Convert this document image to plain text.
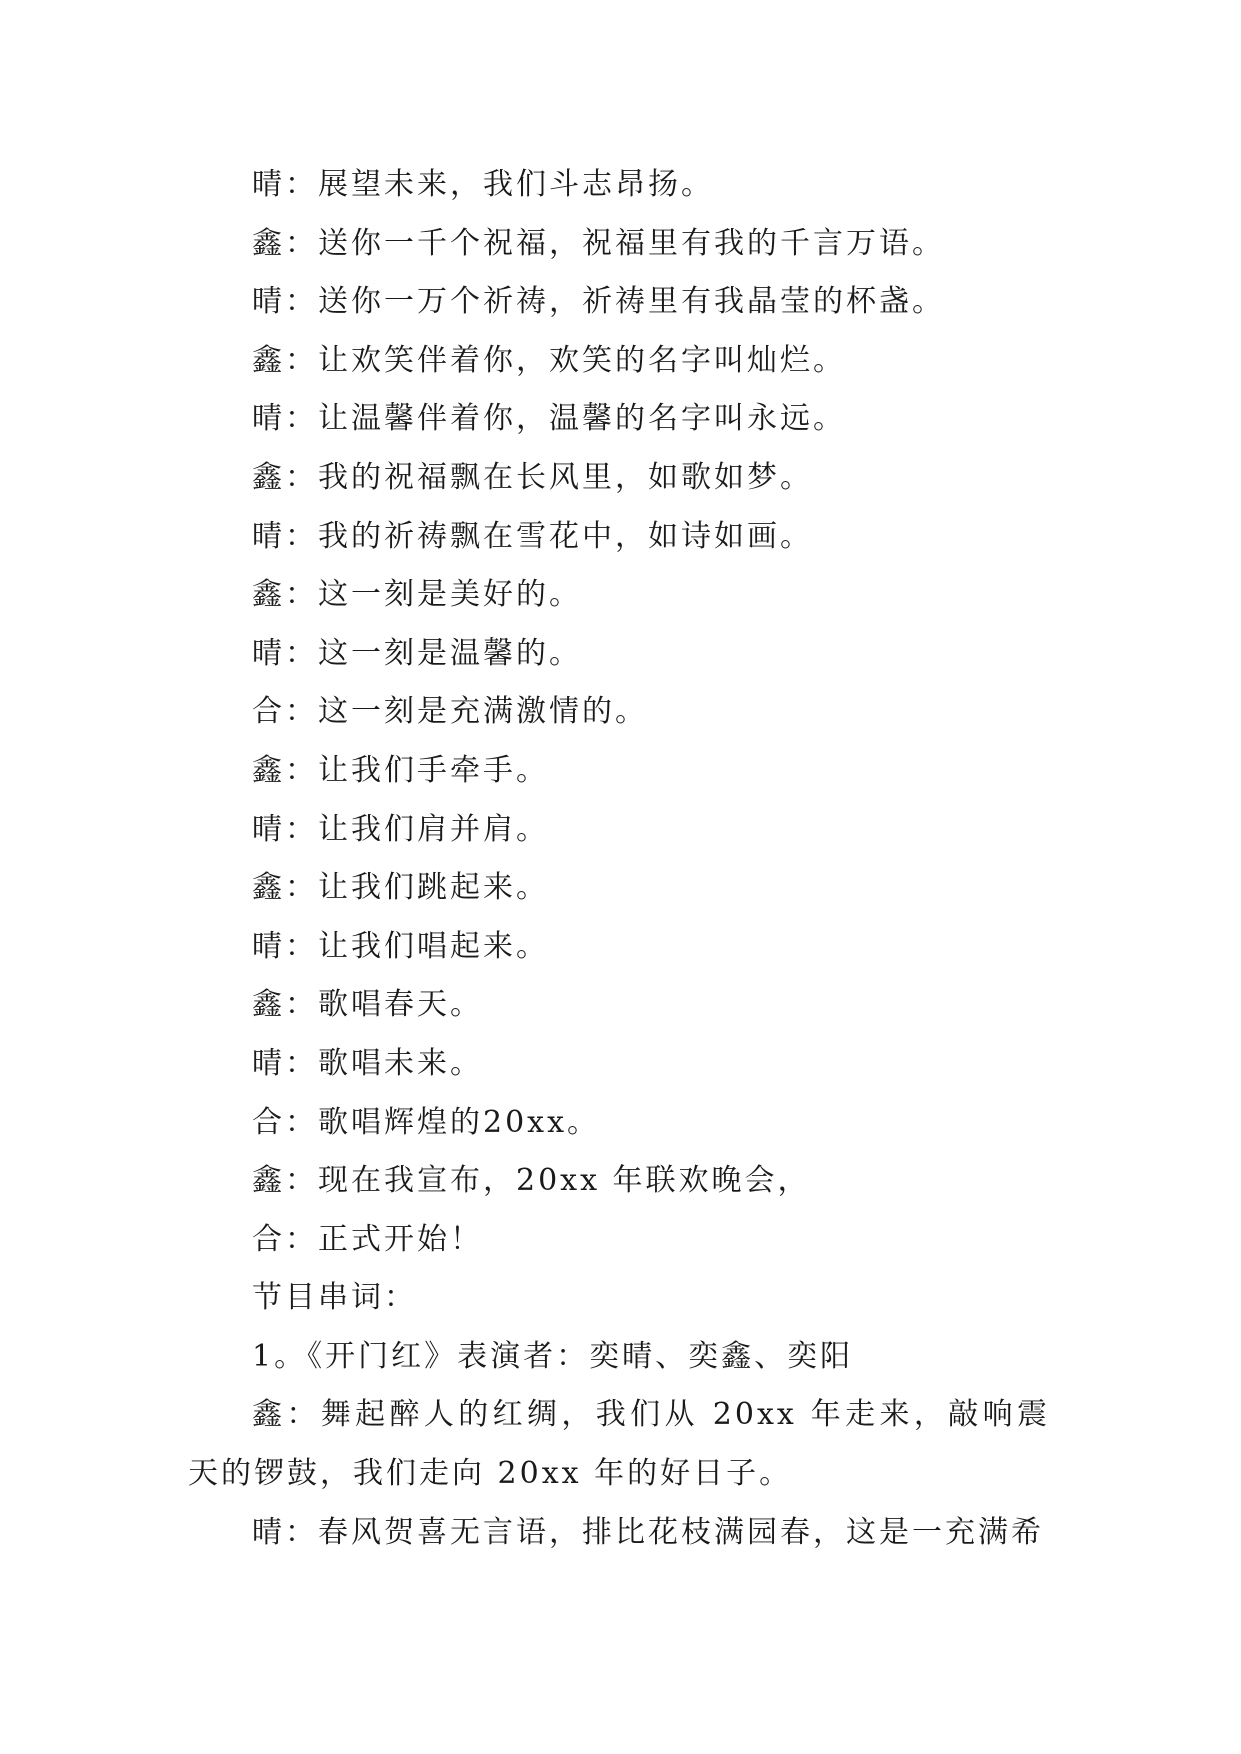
晴：展望未来，我们斗志昂扬。

鑫：送你一千个祝福，祝福里有我的千言万语。

晴：送你一万个祈祷，祈祷里有我晶莹的杯盏。

鑫：让欢笑伴着你，欢笑的名字叫灿烂。

晴：让温馨伴着你，温馨的名字叫永远。

鑫：我的祝福飘在长风里，如歌如梦。

晴：我的祈祷飘在雪花中，如诗如画。

鑫：这一刻是美好的。

晴：这一刻是温馨的。

合：这一刻是充满激情的。

鑫：让我们手牵手。

晴：让我们肩并肩。

鑫：让我们跳起来。

晴：让我们唱起来。

鑫：歌唱春天。

晴：歌唱未来。

合：歌唱辉煌的20xx。

鑫：现在我宣布，20xx 年联欢晚会，

合：正式开始！

节目串词：

1。《开门红》表演者：奕晴、奕鑫、奕阳

鑫：舞起醉人的红绸，我们从 20xx 年走来，敲响震天的锣鼓，我们走向 20xx 年的好日子。

晴：春风贺喜无言语，排比花枝满园春，这是一充满希
